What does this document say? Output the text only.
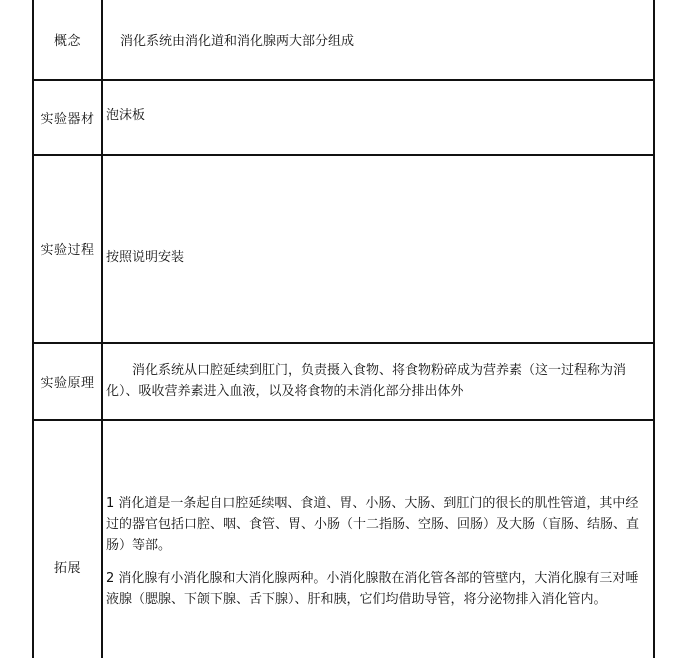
概念	消化系统由消化道和消化腺两大部分组成
实验器材 泡沫板
实验过程 按照说明安装
实验原理
消化系统从口腔延续到肛门，负责摄入食物、将食物粉碎成为营养素（这一过程称为消化）、吸收营养素进入血液，以及将食物的未消化部分排出体外
拓展

1 消化道是一条起自口腔延续咽、食道、胃、小肠、大肠、到肛门的很长的肌性管道，其中经过的器官包括口腔、咽、食管、胃、小肠（十二指肠、空肠、回肠）及大肠（盲肠、结肠、直肠）等部。

2 消化腺有小消化腺和大消化腺两种。小消化腺散在消化管各部的管壁内，大消化腺有三对唾液腺（腮腺、下颌下腺、舌下腺）、肝和胰，它们均借助导管，将分泌物排入消化管内。
